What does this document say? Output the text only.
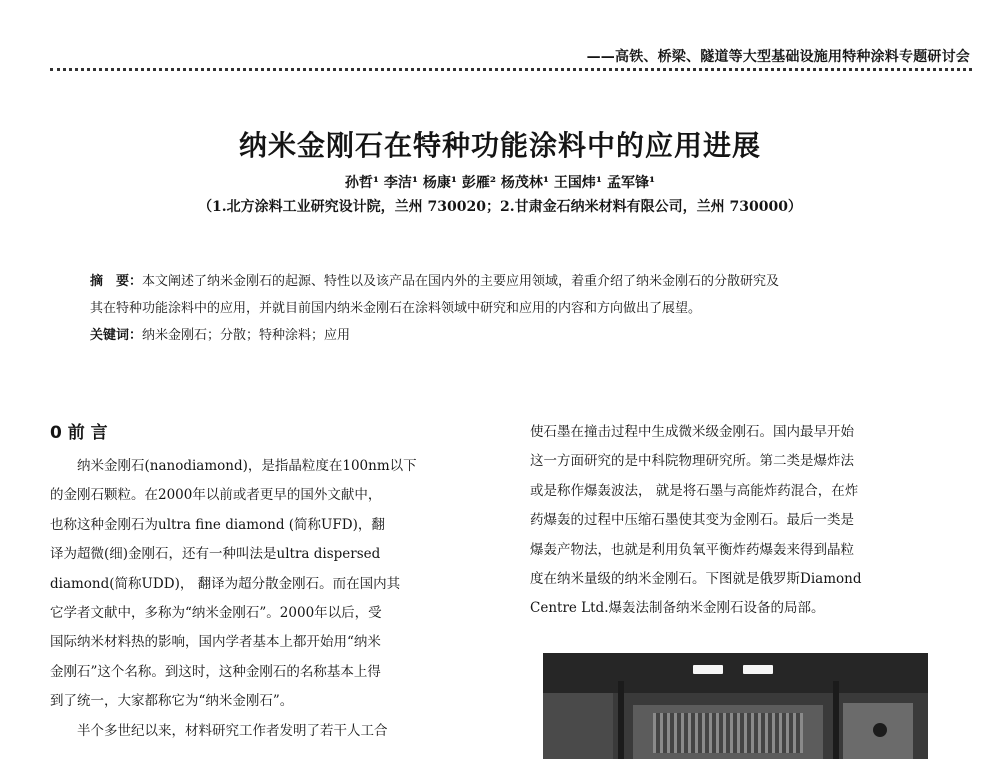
——高铁、桥梁、隧道等大型基础设施用特种涂料专题研讨会
纳米金刚石在特种功能涂料中的应用进展
孙哲¹ 李洁¹ 杨康¹ 彭雁² 杨茂林¹ 王国炜¹ 孟军锋¹
（1.北方涂料工业研究设计院，兰州 730020；2.甘肃金石纳米材料有限公司，兰州 730000）
摘　要：本文阐述了纳米金刚石的起源、特性以及该产品在国内外的主要应用领域，着重介绍了纳米金刚石的分散研究及
其在特种功能涂料中的应用，并就目前国内纳米金刚石在涂料领域中研究和应用的内容和方向做出了展望。
关键词：纳米金刚石；分散；特种涂料；应用
0 前 言
　　纳米金刚石(nanodiamond)，是指晶粒度在100nm以下
的金刚石颗粒。在2000年以前或者更早的国外文献中，
也称这种金刚石为ultra fine diamond (简称UFD)，翻
译为超微(细)金刚石，还有一种叫法是ultra dispersed
diamond(简称UDD)， 翻译为超分散金刚石。而在国内其
它学者文献中，多称为“纳米金刚石”。2000年以后，受
国际纳米材料热的影响，国内学者基本上都开始用“纳米
金刚石”这个名称。到这时，这种金刚石的名称基本上得
到了统一，大家都称它为“纳米金刚石”。
　　半个多世纪以来，材料研究工作者发明了若干人工合
使石墨在撞击过程中生成微米级金刚石。国内最早开始
这一方面研究的是中科院物理研究所。第二类是爆炸法
或是称作爆轰波法， 就是将石墨与高能炸药混合，在炸
药爆轰的过程中压缩石墨使其变为金刚石。最后一类是
爆轰产物法，也就是利用负氧平衡炸药爆轰来得到晶粒
度在纳米量级的纳米金刚石。下图就是俄罗斯Diamond
Centre Ltd.爆轰法制备纳米金刚石设备的局部。
